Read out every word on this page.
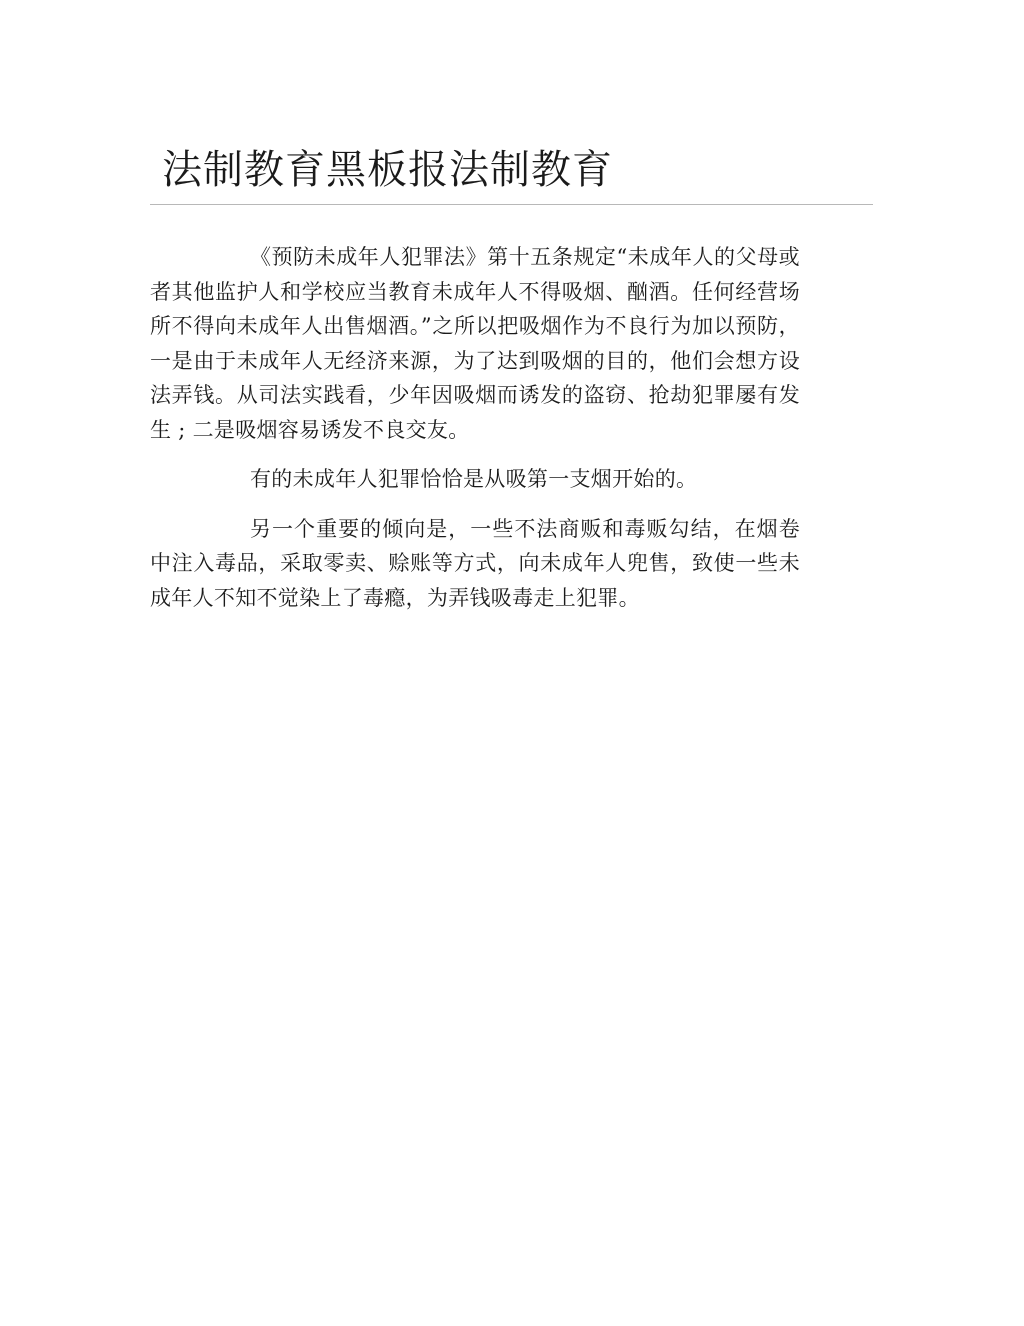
法制教育黑板报法制教育

《预防未成年人犯罪法》第十五条规定“未成年人的父母或者其他监护人和学校应当教育未成年人不得吸烟、酗酒。任何经营场所不得向未成年人出售烟酒。”之所以把吸烟作为不良行为加以预防，一是由于未成年人无经济来源，为了达到吸烟的目的，他们会想方设法弄钱。从司法实践看，少年因吸烟而诱发的盗窃、抢劫犯罪屡有发生 ; 二是吸烟容易诱发不良交友。

有的未成年人犯罪恰恰是从吸第一支烟开始的。

另一个重要的倾向是，一些不法商贩和毒贩勾结，在烟卷中注入毒品，采取零卖、赊账等方式，向未成年人兜售，致使一些未成年人不知不觉染上了毒瘾，为弄钱吸毒走上犯罪。
